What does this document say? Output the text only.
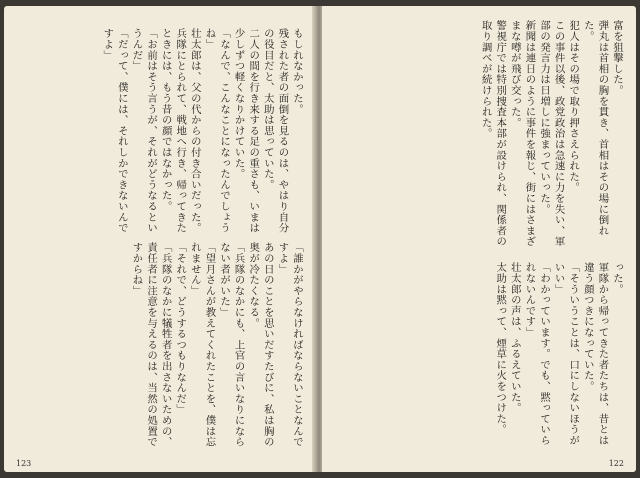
もしれなかった。
残された者の面倒を見るのは、やはり自分の役目だと、太助は思っていた。
二人の間を行き来する足の重さも、いまは少しずつ軽くなりかけていた。
「なんで、こんなことになったんでしょうね」
壮太郎は、父の代からの付き合いだった。
兵隊にとられて、戦地へ行き、帰ってきたときには、もう昔の顔ではなかった。
「お前はそう言うが、それがどうなるというんだ」
「だって、僕には、それしかできないんですよ」

「誰かがやらなければならないことなんですよ」
あの日のことを思いだすたびに、私は胸の奥が冷たくなる。
「兵隊のなかにも、上官の言いなりにならない者がいた」
「望月さんが教えてくれたことを、僕は忘れません」
「それで、どうするつもりなんだ」
「兵隊のなかに犠牲者を出さないための、責任者に注意を与えるのは、当然の処置ですからね」

123
富を狙撃した。
弾丸は首相の胸を貫き、首相はその場に倒れた。
犯人はその場で取り押さえられた。
この事件以後、政党政治は急速に力を失い、軍部の発言力は日増しに強まっていった。
新聞は連日のように事件を報じ、街にはさまざまな噂が飛び交った。
警視庁では特別捜査本部が設けられ、関係者の取り調べが続けられた。

った。
軍隊から帰ってきた者たちは、昔とは違う顔つきになっていた。
「そういうことは、口にしないほうがいい」
「わかっています。でも、黙っていられないんです」
壮太郎の声は、ふるえていた。
太助は黙って、煙草に火をつけた。

122
